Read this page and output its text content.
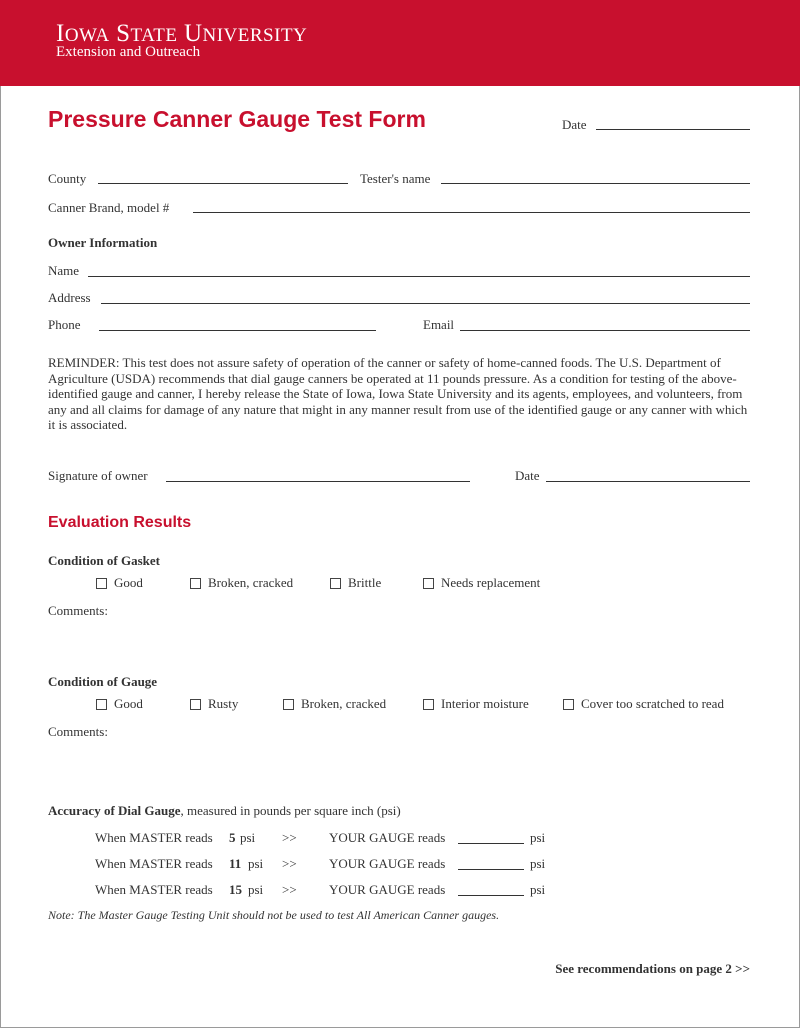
IOWA STATE UNIVERSITY
Extension and Outreach
Pressure Canner Gauge Test Form	Date
County	Tester's name
Canner Brand, model #
Owner Information
Name
Address
Phone	Email
REMINDER: This test does not assure safety of operation of the canner or safety of home-canned foods. The U.S. Department of Agriculture (USDA) recommends that dial gauge canners be operated at 11 pounds pressure. As a condition for testing of the above-identified gauge and canner, I hereby release the State of Iowa, Iowa State University and its agents, employees, and volunteers, from any and all claims for damage of any nature that might in any manner result from use of the identified gauge or any canner with which it is associated.
Signature of owner	Date
Evaluation Results
Condition of Gasket
Good	Broken, cracked	Brittle	Needs replacement
Comments:
Condition of Gauge
Good	Rusty	Broken, cracked	Interior moisture	Cover too scratched to read
Comments:
Accuracy of Dial Gauge, measured in pounds per square inch (psi)
When MASTER reads 5 psi >> YOUR GAUGE reads	psi
When MASTER reads 11 psi >> YOUR GAUGE reads	psi
When MASTER reads 15 psi >> YOUR GAUGE reads	psi
Note: The Master Gauge Testing Unit should not be used to test All American Canner gauges.
See recommendations on page 2 >>
